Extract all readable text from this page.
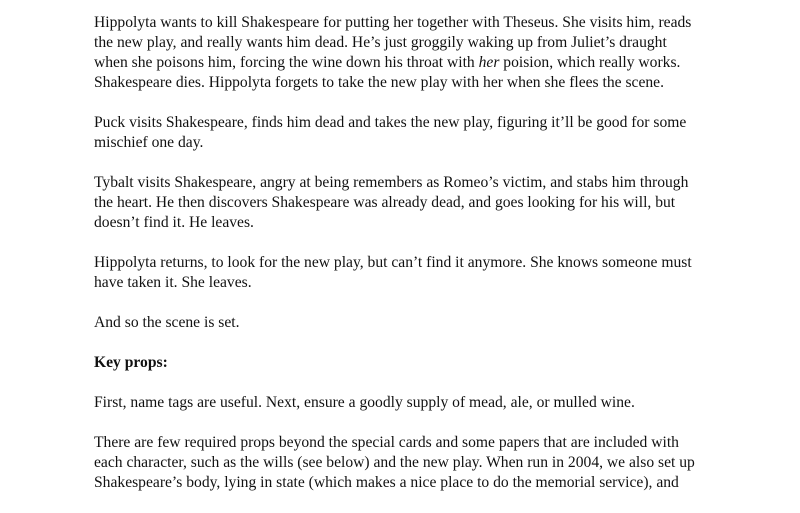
Hippolyta wants to kill Shakespeare for putting her together with Theseus. She visits him, reads
the new play, and really wants him dead. He’s just groggily waking up from Juliet’s draught
when she poisons him, forcing the wine down his throat with her poision, which really works.
Shakespeare dies. Hippolyta forgets to take the new play with her when she flees the scene.

Puck visits Shakespeare, finds him dead and takes the new play, figuring it’ll be good for some
mischief one day.

Tybalt visits Shakespeare, angry at being remembers as Romeo’s victim, and stabs him through
the heart. He then discovers Shakespeare was already dead, and goes looking for his will, but
doesn’t find it. He leaves.

Hippolyta returns, to look for the new play, but can’t find it anymore. She knows someone must
have taken it. She leaves.

And so the scene is set.

Key props:

First, name tags are useful. Next, ensure a goodly supply of mead, ale, or mulled wine.

There are few required props beyond the special cards and some papers that are included with
each character, such as the wills (see below) and the new play. When run in 2004, we also set up
Shakespeare’s body, lying in state (which makes a nice place to do the memorial service), and
